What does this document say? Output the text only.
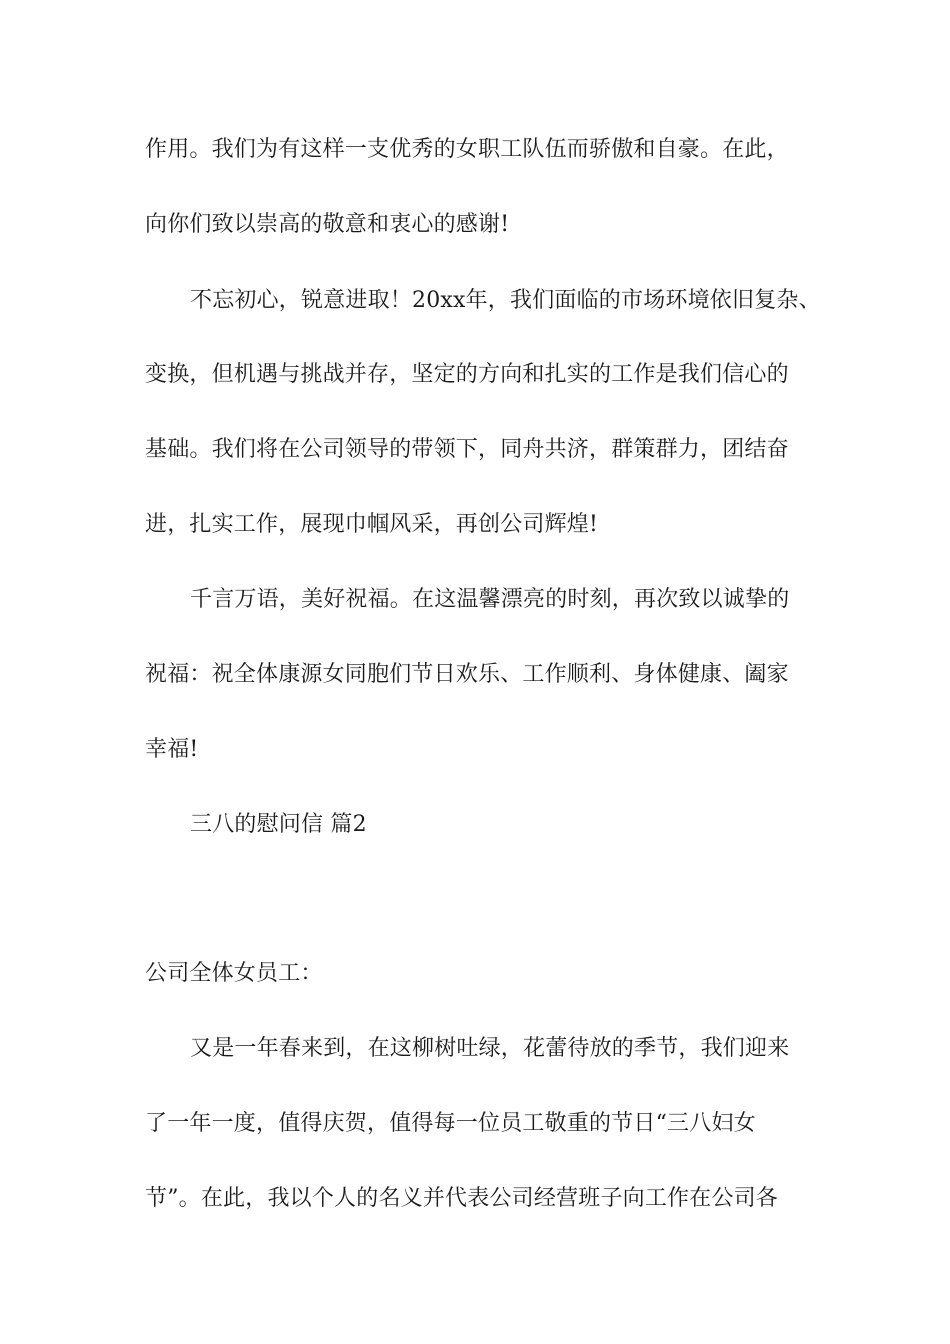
作用。我们为有这样一支优秀的女职工队伍而骄傲和自豪。在此，
向你们致以崇高的敬意和衷心的感谢!
不忘初心，锐意进取！20xx年，我们面临的市场环境依旧复杂、
变换，但机遇与挑战并存，坚定的方向和扎实的工作是我们信心的
基础。我们将在公司领导的带领下，同舟共济，群策群力，团结奋
进，扎实工作，展现巾帼风采，再创公司辉煌!
千言万语，美好祝福。在这温馨漂亮的时刻，再次致以诚挚的
祝福：祝全体康源女同胞们节日欢乐、工作顺利、身体健康、阖家
幸福!
三八的慰问信 篇2
公司全体女员工：
又是一年春来到，在这柳树吐绿，花蕾待放的季节，我们迎来
了一年一度，值得庆贺，值得每一位员工敬重的节日“三八妇女
节”。在此，我以个人的名义并代表公司经营班子向工作在公司各
